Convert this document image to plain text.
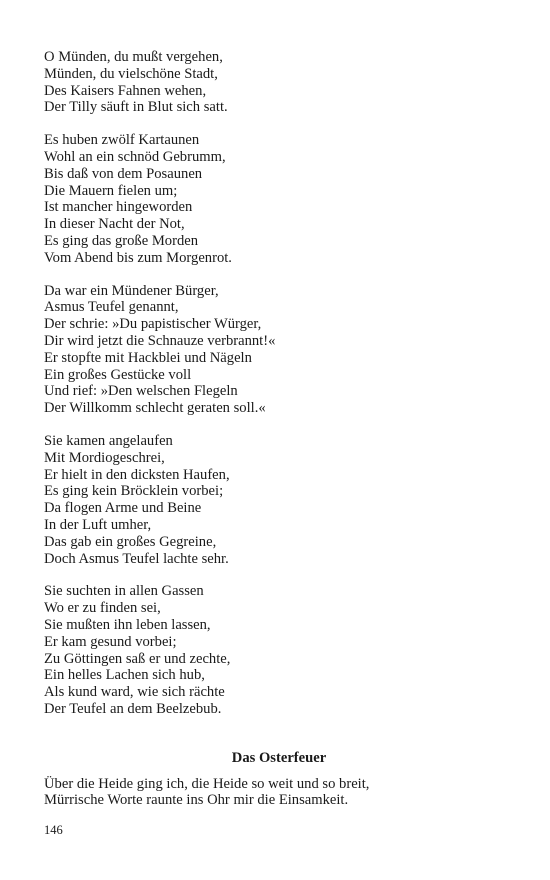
O Münden, du mußt vergehen,
Münden, du vielschöne Stadt,
Des Kaisers Fahnen wehen,
Der Tilly säuft in Blut sich satt.
Es huben zwölf Kartaunen
Wohl an ein schnöd Gebrumm,
Bis daß von dem Posaunen
Die Mauern fielen um;
Ist mancher hingeworden
In dieser Nacht der Not,
Es ging das große Morden
Vom Abend bis zum Morgenrot.
Da war ein Mündener Bürger,
Asmus Teufel genannt,
Der schrie: »Du papistischer Würger,
Dir wird jetzt die Schnauze verbrannt!«
Er stopfte mit Hackblei und Nägeln
Ein großes Gestücke voll
Und rief: »Den welschen Flegeln
Der Willkomm schlecht geraten soll.«
Sie kamen angelaufen
Mit Mordiogeschrei,
Er hielt in den dicksten Haufen,
Es ging kein Bröcklein vorbei;
Da flogen Arme und Beine
In der Luft umher,
Das gab ein großes Gegreine,
Doch Asmus Teufel lachte sehr.
Sie suchten in allen Gassen
Wo er zu finden sei,
Sie mußten ihn leben lassen,
Er kam gesund vorbei;
Zu Göttingen saß er und zechte,
Ein helles Lachen sich hub,
Als kund ward, wie sich rächte
Der Teufel an dem Beelzebub.
Das Osterfeuer
Über die Heide ging ich, die Heide so weit und so breit,
Mürrische Worte raunte ins Ohr mir die Einsamkeit.
146
